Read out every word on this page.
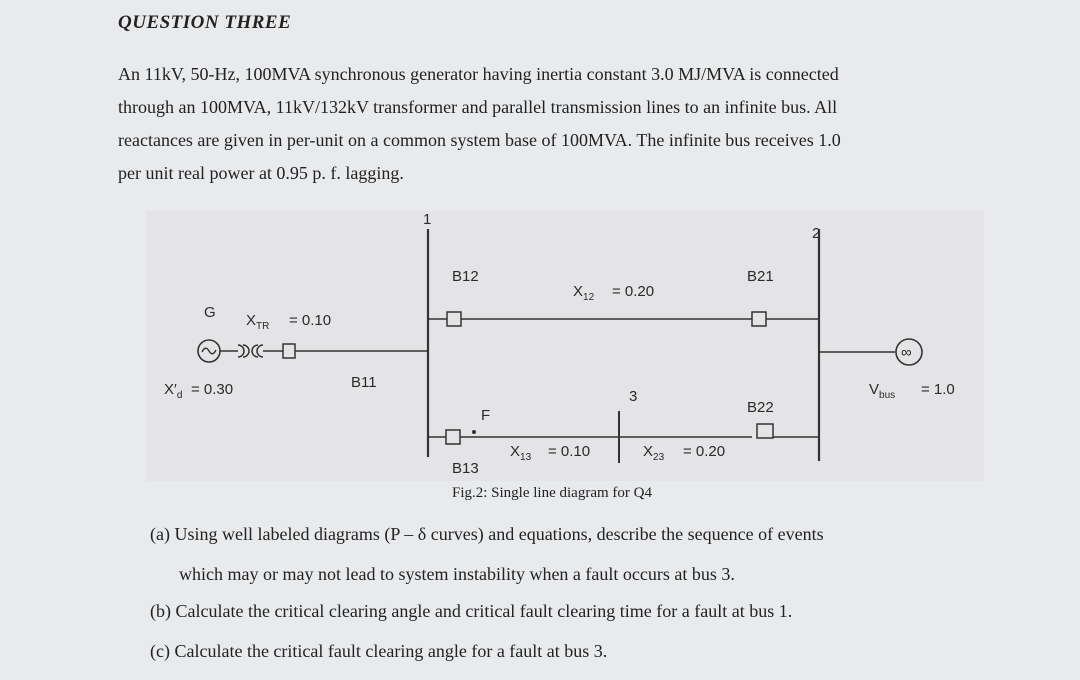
QUESTION THREE

An 11kV, 50-Hz, 100MVA synchronous generator having inertia constant 3.0 MJ/MVA is connected

through an 100MVA, 11kV/132kV transformer and parallel transmission lines to an infinite bus. All

reactances are given in per-unit on a common system base of 100MVA. The infinite bus receives 1.0

per unit real power at 0.95 p. f. lagging.

1
2
3
G $X_{TR} = 0.10$
$X'_d = 0.30$	B11
B12	B21
B22
B13
$X_{12} = 0.20$
$X_{13} = 0.10$	$X_{23} = 0.20$
F
∞
$V_{bus} = 1.0$
Fig.2: Single line diagram for Q4
(a) Using well labeled diagrams (P – δ curves) and equations, describe the sequence of events
which may or may not lead to system instability when a fault occurs at bus 3.
(b) Calculate the critical clearing angle and critical fault clearing time for a fault at bus 1.
(c) Calculate the critical fault clearing angle for a fault at bus 3.
